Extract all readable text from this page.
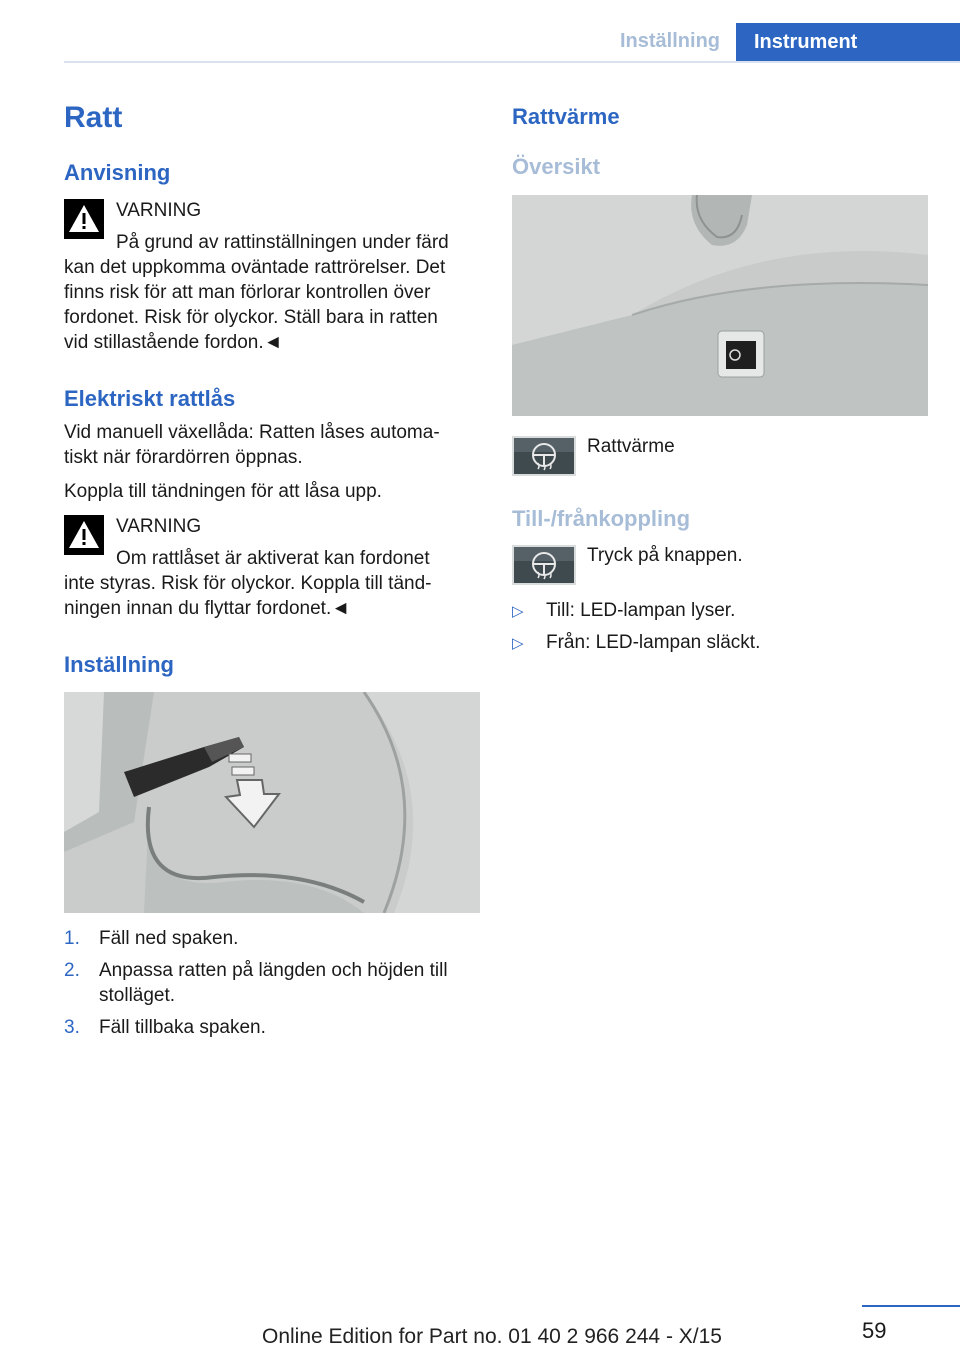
Inställning	Instrument
Ratt
Anvisning
VARNING
På grund av rattinställningen under färd
kan det uppkomma oväntade rattrörelser. Det
finns risk för att man förlorar kontrollen över
fordonet. Risk för olyckor. Ställ bara in ratten
vid stillastående fordon.◄
Elektriskt rattlås
Vid manuell växellåda: Ratten låses automa‐
tiskt när förardörren öppnas.
Koppla till tändningen för att låsa upp.
VARNING
Om rattlåset är aktiverat kan fordonet
inte styras. Risk för olyckor. Koppla till tänd‐
ningen innan du flyttar fordonet.◄
Inställning
1. Fäll ned spaken.
2. Anpassa ratten på längden och höjden till
stolläget.
3. Fäll tillbaka spaken.
Rattvärme
Översikt
Rattvärme
Till-/frånkoppling
Tryck på knappen.
▷ Till: LED-lampan lyser.
▷ Från: LED-lampan släckt.
59
Online Edition for Part no. 01 40 2 966 244 - X/15
